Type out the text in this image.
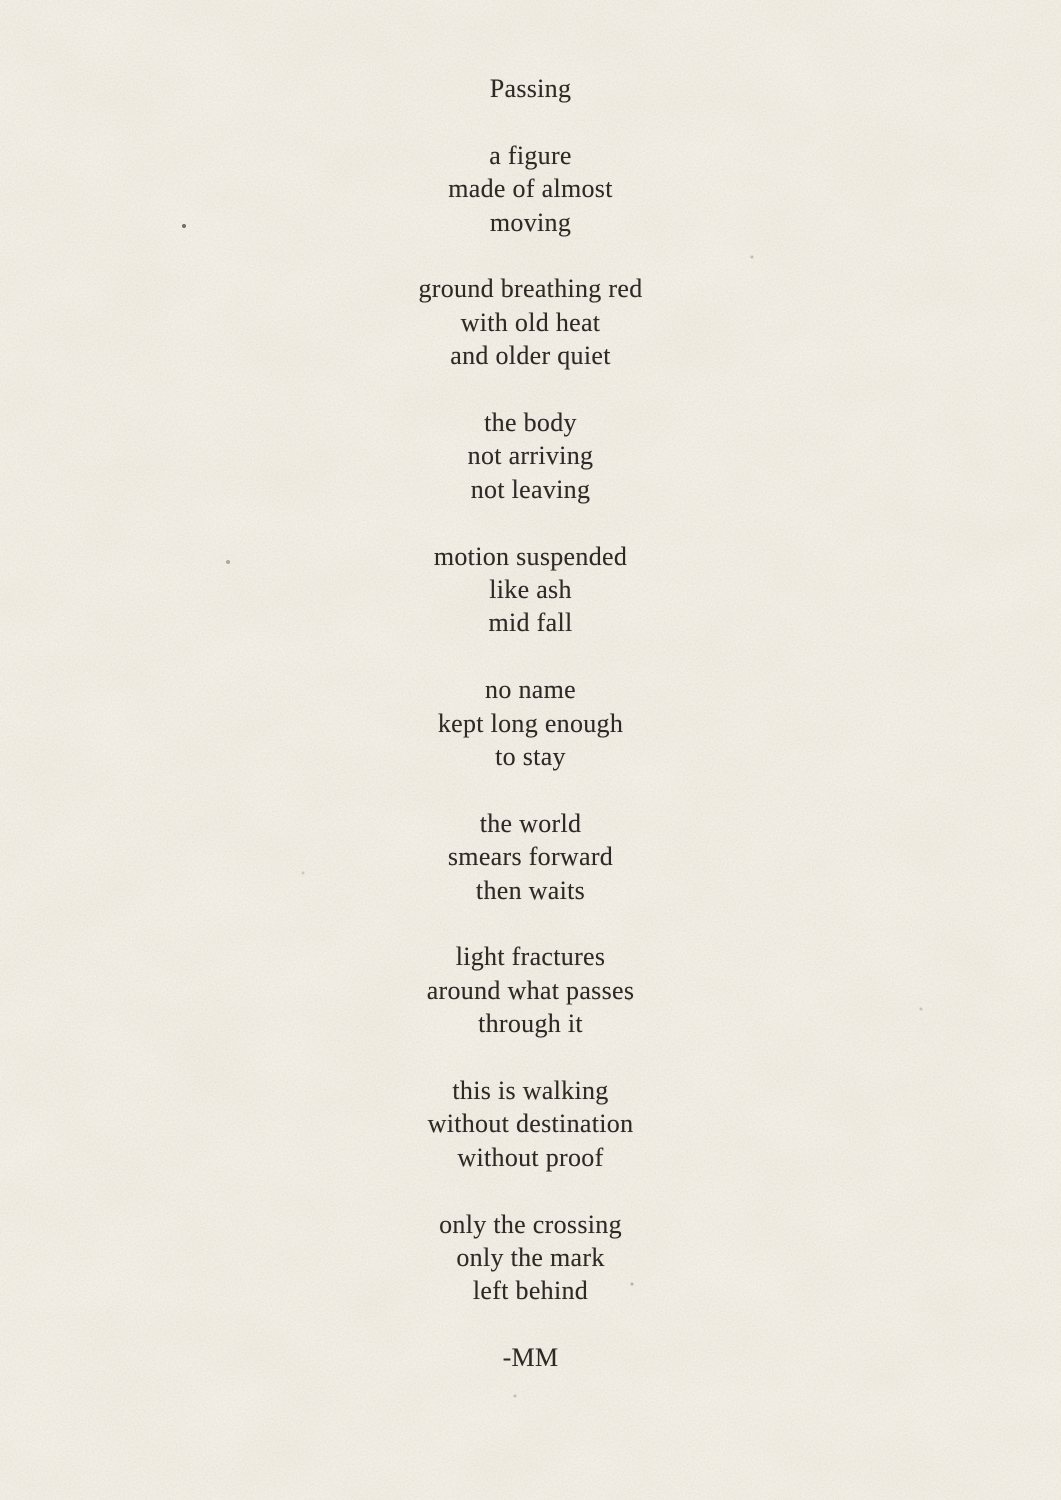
Passing
a figure
made of almost
moving
ground breathing red
with old heat
and older quiet
the body
not arriving
not leaving
motion suspended
like ash
mid fall
no name
kept long enough
to stay
the world
smears forward
then waits
light fractures
around what passes
through it
this is walking
without destination
without proof
only the crossing
only the mark
left behind
-MM
